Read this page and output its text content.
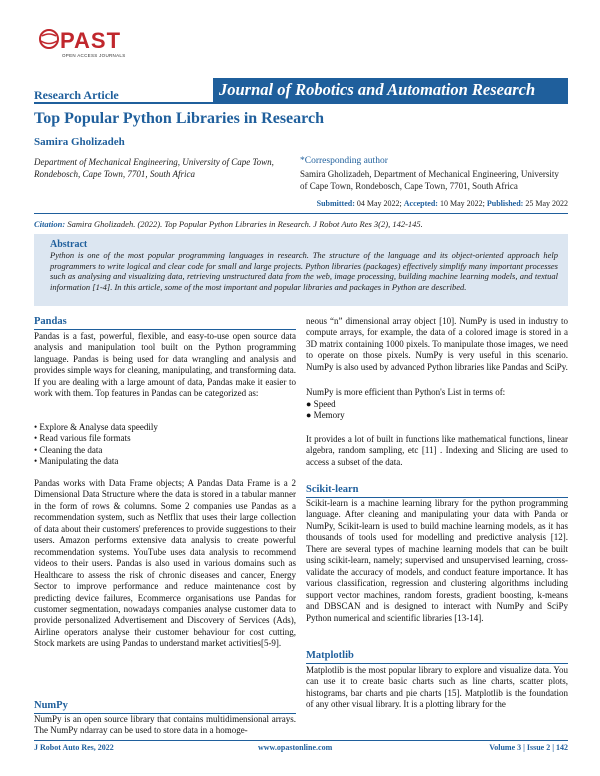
PAST
OPEN ACCESS JOURNALS
Journal of Robotics and Automation Research
Research Article
Top Popular Python Libraries in Research
Samira Gholizadeh
Department of Mechanical Engineering, University of Cape Town, Rondebosch, Cape Town, 7701, South Africa
*Corresponding author
Samira Gholizadeh, Department of Mechanical Engineering, University of Cape Town, Rondebosch, Cape Town, 7701, South Africa
Submitted: 04 May 2022; Accepted: 10 May 2022; Published: 25 May 2022
Citation: Samira Gholizadeh. (2022). Top Popular Python Libraries in Research. J Robot Auto Res 3(2), 142-145.
Abstract
Python is one of the most popular programming languages in research. The structure of the language and its object-oriented approach help programmers to write logical and clear code for small and large projects. Python libraries (packages) effectively simplify many important processes such as analysing and visualizing data, retrieving unstructured data from the web, image processing, building machine learning models, and textual information [1-4]. In this article, some of the most important and popular libraries and packages in Python are described.
Pandas
Pandas is a fast, powerful, flexible, and easy-to-use open source data analysis and manipulation tool built on the Python programming language. Pandas is being used for data wrangling and analysis and provides simple ways for cleaning, manipulating, and transforming data. If you are dealing with a large amount of data, Pandas make it easier to work with them. Top features in Pandas can be categorized as:
• Explore & Analyse data speedily
• Read various file formats
• Cleaning the data
• Manipulating the data
Pandas works with Data Frame objects; A Pandas Data Frame is a 2 Dimensional Data Structure where the data is stored in a tabular manner in the form of rows & columns. Some 2 companies use Pandas as a recommendation system, such as Netflix that uses their large collection of data about their customers' preferences to provide suggestions to their users. Amazon performs extensive data analysis to create powerful recommendation systems. YouTube uses data analysis to recommend videos to their users. Pandas is also used in various domains such as Healthcare to assess the risk of chronic diseases and cancer, Energy Sector to improve performance and reduce maintenance cost by predicting device failures, Ecommerce organisations use Pandas for customer segmentation, nowadays companies analyse customer data to provide personalized Advertisement and Discovery of Services (Ads), Airline operators analyse their customer behaviour for cost cutting, Stock markets are using Pandas to understand market activities[5-9].
NumPy
NumPy is an open source library that contains multidimensional arrays. The NumPy ndarray can be used to store data in a homoge-
neous “n” dimensional array object [10]. NumPy is used in industry to compute arrays, for example, the data of a colored image is stored in a 3D matrix containing 1000 pixels. To manipulate those images, we need to operate on those pixels. NumPy is very useful in this scenario. NumPy is also used by advanced Python libraries like Pandas and SciPy.
NumPy is more efficient than Python's List in terms of:
● Speed
● Memory
It provides a lot of built in functions like mathematical functions, linear algebra, random sampling, etc [11] . Indexing and Slicing are used to access a subset of the data.
Scikit-learn
Scikit-learn is a machine learning library for the python programming language. After cleaning and manipulating your data with Panda or NumPy, Scikit-learn is used to build machine learning models, as it has thousands of tools used for modelling and predictive analysis [12]. There are several types of machine learning models that can be built using scikit-learn, namely; supervised and unsupervised learning, cross-validate the accuracy of models, and conduct feature importance. It has various classification, regression and clustering algorithms including support vector machines, random forests, gradient boosting, k-means and DBSCAN and is designed to interact with NumPy and SciPy Python numerical and scientific libraries [13-14].
Matplotlib
Matplotlib is the most popular library to explore and visualize data. You can use it to create basic charts such as line charts, scatter plots, histograms, bar charts and pie charts [15]. Matplotlib is the foundation of any other visual library. It is a plotting library for the
J Robot Auto Res, 2022	www.opastonline.com	Volume 3 | Issue 2 | 142
